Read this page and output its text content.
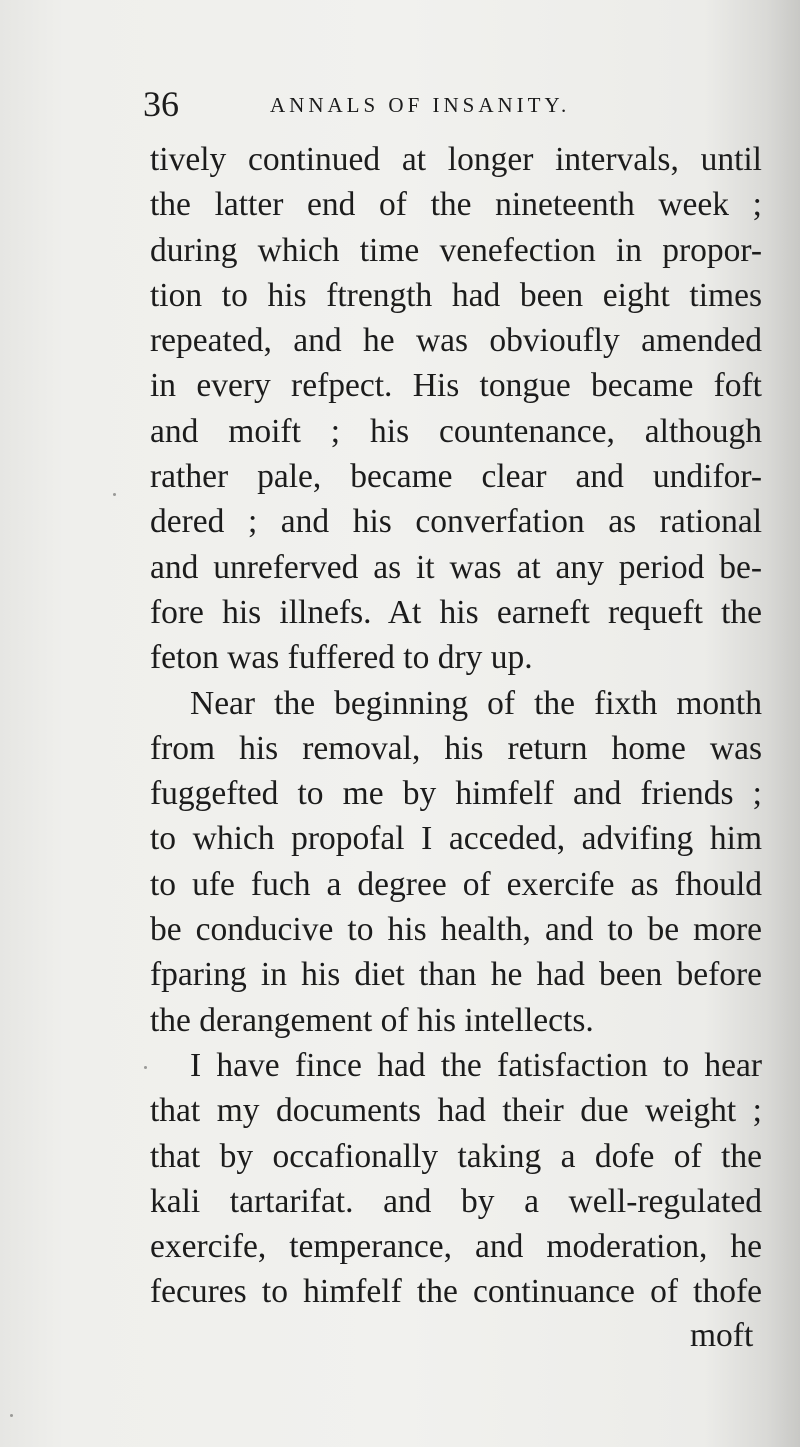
36	ANNALS OF INSANITY.
tively continued at longer intervals, until
the latter end of the nineteenth week ;
during which time venefection in propor-
tion to his ftrength had been eight times
repeated, and he was obvioufly amended
in every refpect. His tongue became foft
and moift ; his countenance, although
rather pale, became clear and undifor-
dered ; and his converfation as rational
and unreferved as it was at any period be-
fore his illnefs. At his earneft requeft the
feton was fuffered to dry up.
Near the beginning of the fixth month
from his removal, his return home was
fuggefted to me by himfelf and friends ;
to which propofal I acceded, advifing him
to ufe fuch a degree of exercife as fhould
be conducive to his health, and to be more
fparing in his diet than he had been before
the derangement of his intellects.
I have fince had the fatisfaction to hear
that my documents had their due weight ;
that by occafionally taking a dofe of the
kali tartarifat. and by a well-regulated
exercife, temperance, and moderation, he
fecures to himfelf the continuance of thofe
moft
